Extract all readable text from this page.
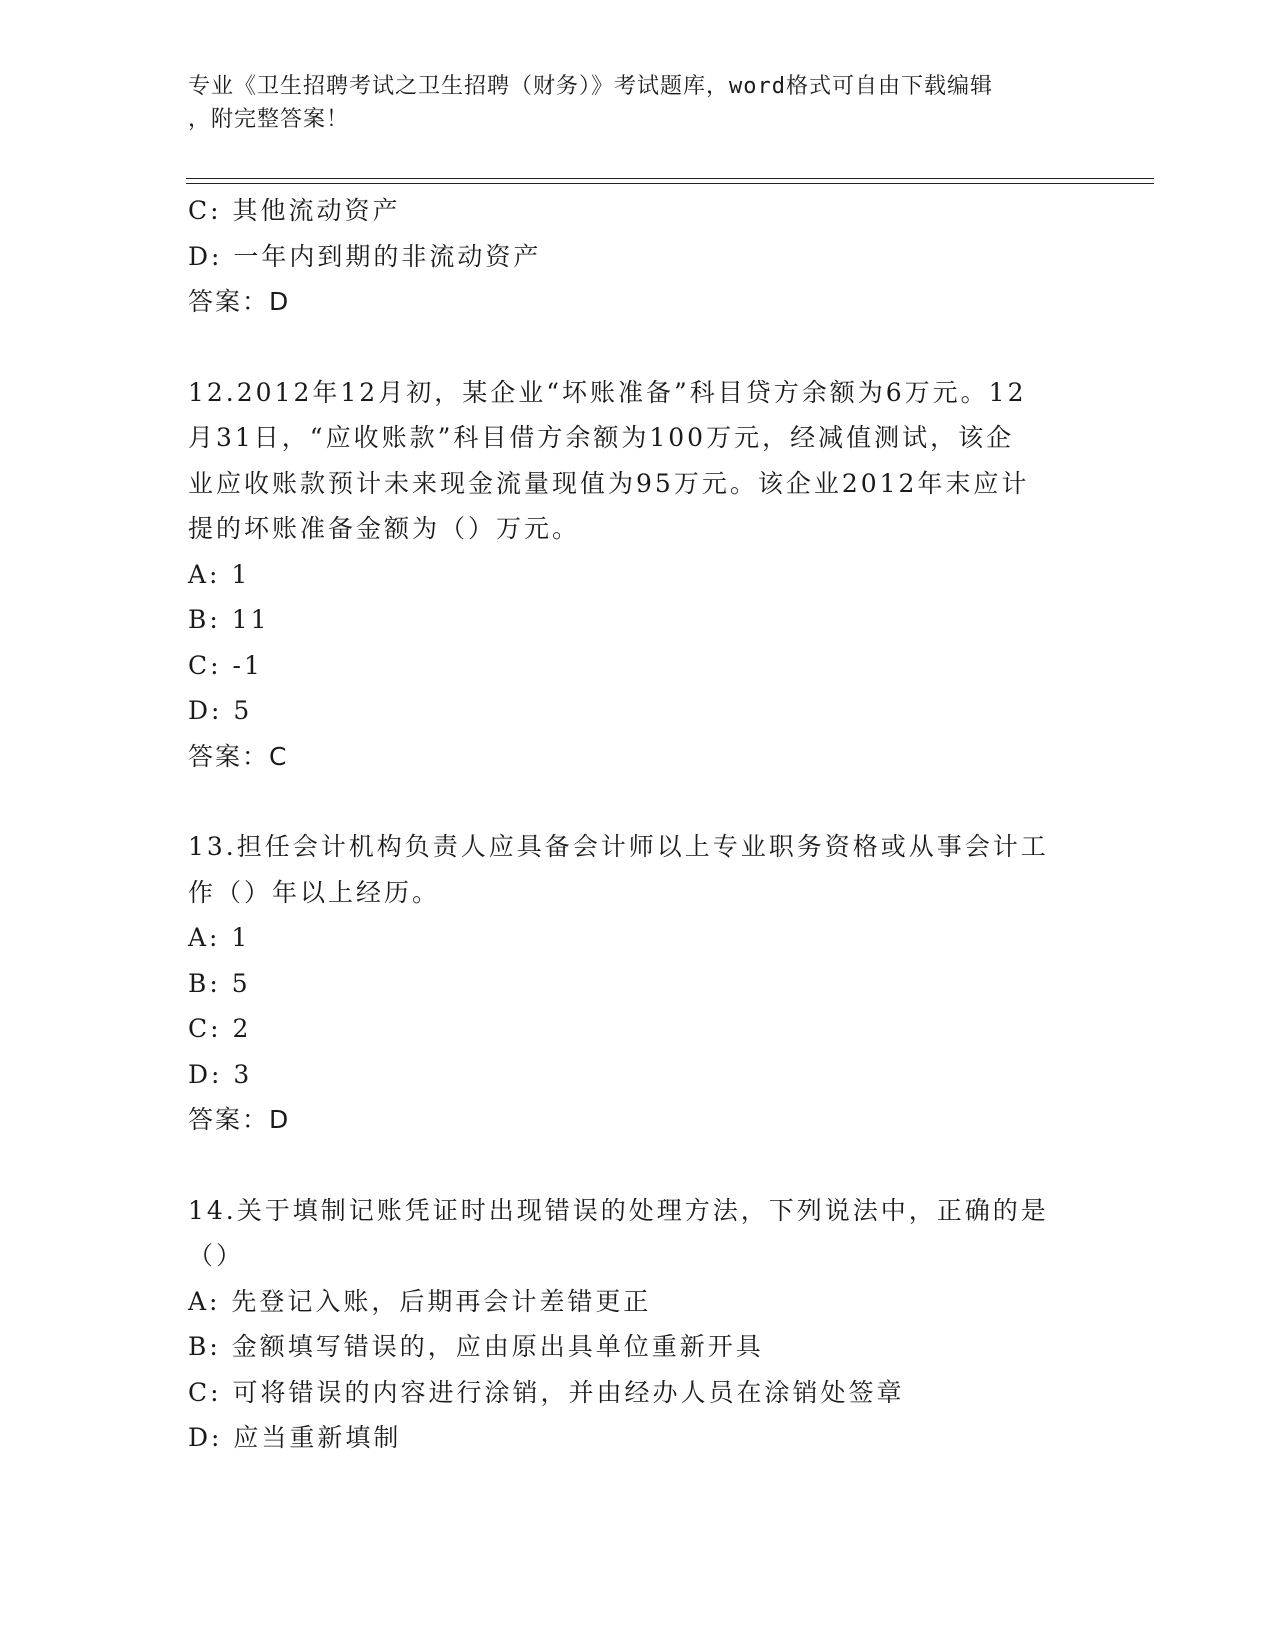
专业《卫生招聘考试之卫生招聘（财务）》考试题库，word格式可自由下载编辑
，附完整答案！
C: 其他流动资产
D: 一年内到期的非流动资产
答案：D
12.2012年12月初，某企业“坏账准备”科目贷方余额为6万元。12
月31日，“应收账款”科目借方余额为100万元，经减值测试，该企
业应收账款预计未来现金流量现值为95万元。该企业2012年末应计
提的坏账准备金额为（）万元。
A: 1
B: 11
C: -1
D: 5
答案：C
13.担任会计机构负责人应具备会计师以上专业职务资格或从事会计工
作（）年以上经历。
A: 1
B: 5
C: 2
D: 3
答案：D
14.关于填制记账凭证时出现错误的处理方法，下列说法中，正确的是
（）
A: 先登记入账，后期再会计差错更正
B: 金额填写错误的，应由原出具单位重新开具
C: 可将错误的内容进行涂销，并由经办人员在涂销处签章
D: 应当重新填制
